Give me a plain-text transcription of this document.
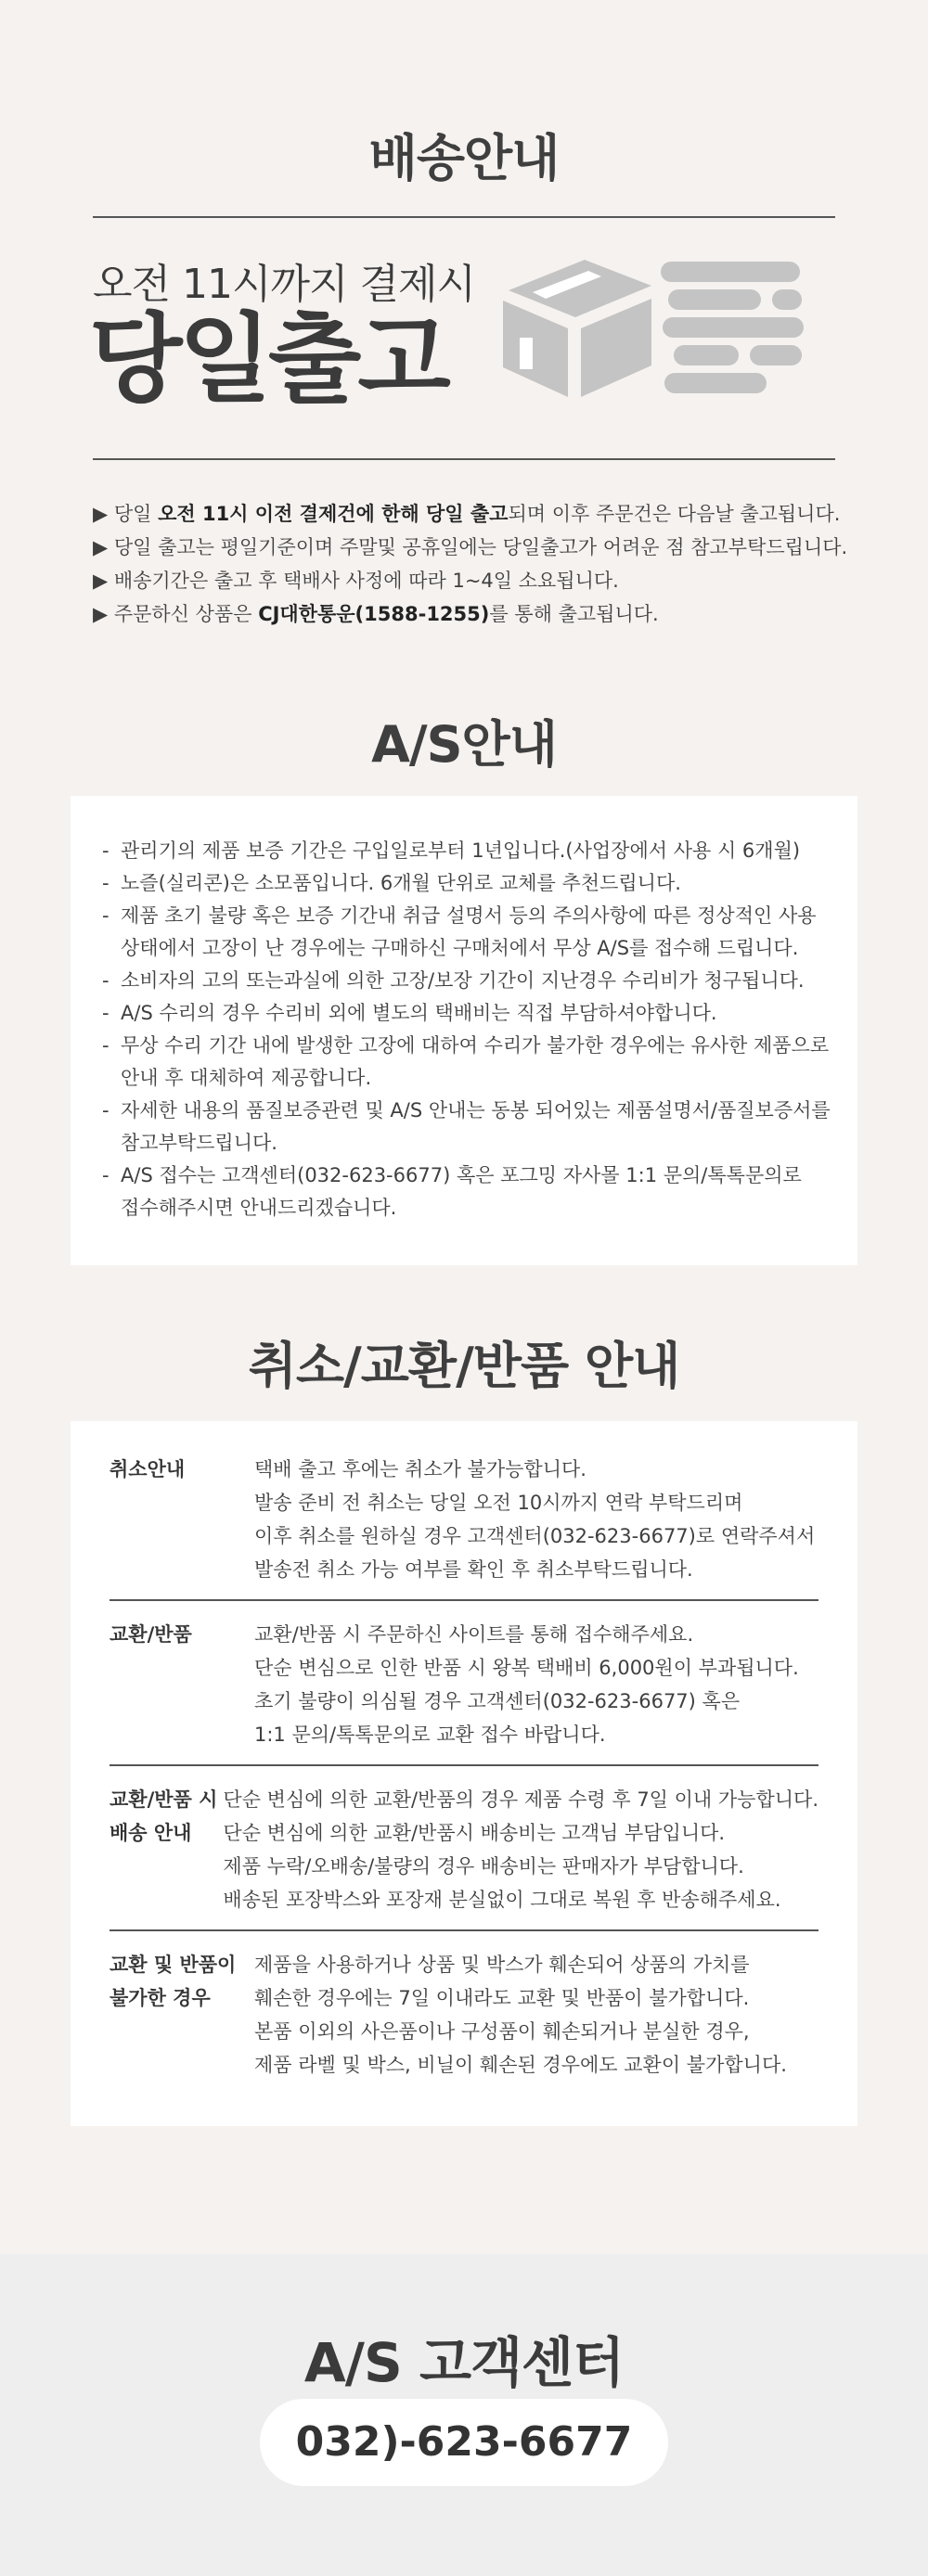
배송안내
오전 11시까지 결제시
당일출고
▶ 당일 오전 11시 이전 결제건에 한해 당일 출고되며 이후 주문건은 다음날 출고됩니다.
▶ 당일 출고는 평일기준이며 주말및 공휴일에는 당일출고가 어려운 점 참고부탁드립니다.
▶ 배송기간은 출고 후 택배사 사정에 따라 1~4일 소요됩니다.
▶ 주문하신 상품은 CJ대한통운(1588-1255)를 통해 출고됩니다.
A/S안내
- 관리기의 제품 보증 기간은 구입일로부터 1년입니다.(사업장에서 사용 시 6개월)
- 노즐(실리콘)은 소모품입니다. 6개월 단위로 교체를 추천드립니다.
- 제품 초기 불량 혹은 보증 기간내 취급 설명서 등의 주의사항에 따른 정상적인 사용
상태에서 고장이 난 경우에는 구매하신 구매처에서 무상 A/S를 접수해 드립니다.
- 소비자의 고의 또는과실에 의한 고장/보장 기간이 지난경우 수리비가 청구됩니다.
- A/S 수리의 경우 수리비 외에 별도의 택배비는 직접 부담하셔야합니다.
- 무상 수리 기간 내에 발생한 고장에 대하여 수리가 불가한 경우에는 유사한 제품으로
안내 후 대체하여 제공합니다.
- 자세한 내용의 품질보증관련 및 A/S 안내는 동봉 되어있는 제품설명서/품질보증서를
참고부탁드립니다.
- A/S 접수는 고객센터(032-623-6677) 혹은 포그밍 자사몰 1:1 문의/톡톡문의로
접수해주시면 안내드리겠습니다.
취소/교환/반품 안내
취소안내	택배 출고 후에는 취소가 불가능합니다.
발송 준비 전 취소는 당일 오전 10시까지 연락 부탁드리며
이후 취소를 원하실 경우 고객센터(032-623-6677)로 연락주셔서
발송전 취소 가능 여부를 확인 후 취소부탁드립니다.
교환/반품	교환/반품 시 주문하신 사이트를 통해 접수해주세요.
단순 변심으로 인한 반품 시 왕복 택배비 6,000원이 부과됩니다.
초기 불량이 의심될 경우 고객센터(032-623-6677) 혹은
1:1 문의/톡톡문의로 교환 접수 바랍니다.
교환/반품 시
배송 안내
단순 변심에 의한 교환/반품의 경우 제품 수령 후 7일 이내 가능합니다.
단순 변심에 의한 교환/반품시 배송비는 고객님 부담입니다.
제품 누락/오배송/불량의 경우 배송비는 판매자가 부담합니다.
배송된 포장박스와 포장재 분실없이 그대로 복원 후 반송해주세요.
교환 및 반품이
불가한 경우
제품을 사용하거나 상품 및 박스가 훼손되어 상품의 가치를
훼손한 경우에는 7일 이내라도 교환 및 반품이 불가합니다.
본품 이외의 사은품이나 구성품이 훼손되거나 분실한 경우,
제품 라벨 및 박스, 비닐이 훼손된 경우에도 교환이 불가합니다.
A/S 고객센터
032)-623-6677
